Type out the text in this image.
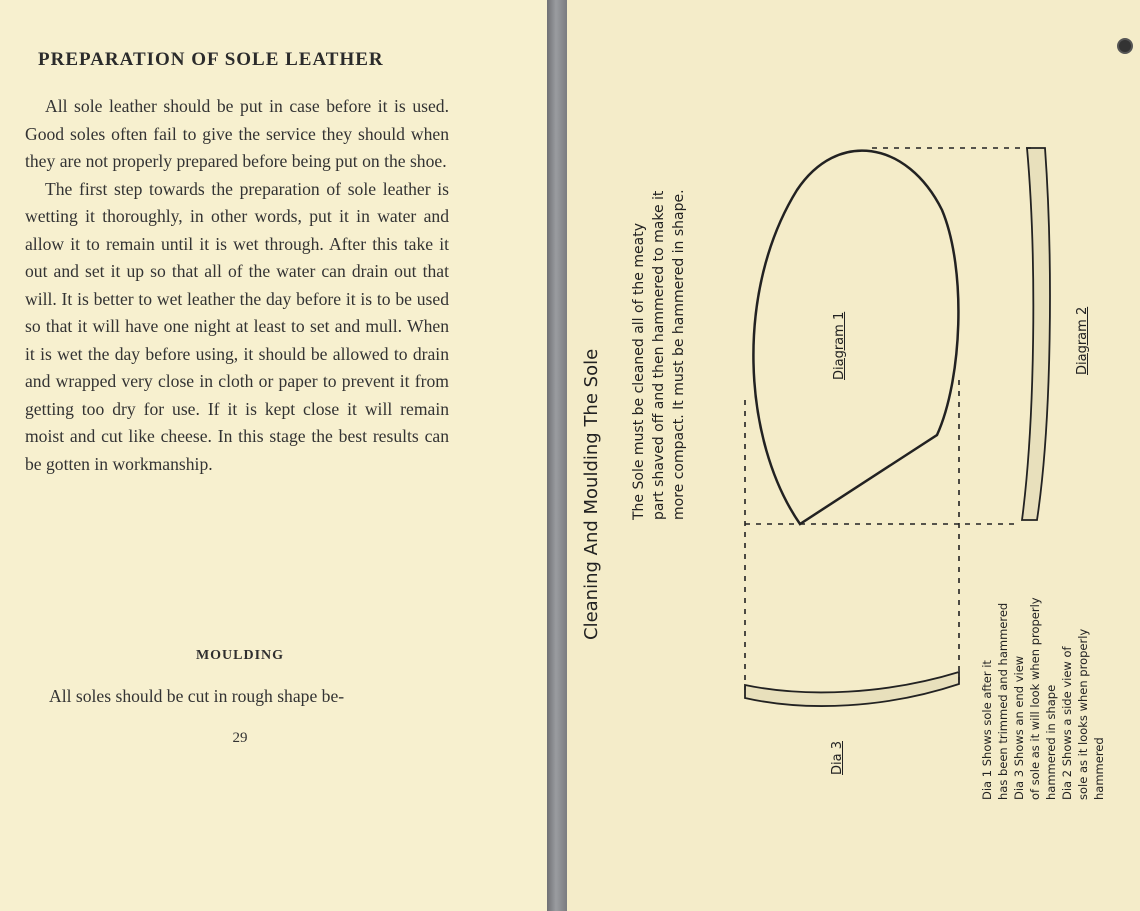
PREPARATION OF SOLE LEATHER

All sole leather should be put in case before it is used. Good soles often fail to give the service they should when they are not properly prepared before being put on the shoe.

The first step towards the preparation of sole leather is wetting it thoroughly, in other words, put it in water and allow it to remain until it is wet through. After this take it out and set it up so that all of the water can drain out that will. It is better to wet leather the day before it is to be used so that it will have one night at least to set and mull. When it is wet the day before using, it should be allowed to drain and wrapped very close in cloth or paper to prevent it from getting too dry for use. If it is kept close it will remain moist and cut like cheese. In this stage the best results can be gotten in workmanship.

MOULDING
All soles should be cut in rough shape be-
29
Cleaning And Moulding The Sole The Sole must be cleaned all of the meaty part shaved off and then hammered to make it more compact. It must be hammered in shape.	Diagram 1	Diagram 2
Dia 3	Dia 1 Shows sole after it has been trimmed and hammered Dia 3 Shows an end view of sole as it will look when properly hammered in shape Dia 2 Shows a side view of sole as it looks when properly hammered
